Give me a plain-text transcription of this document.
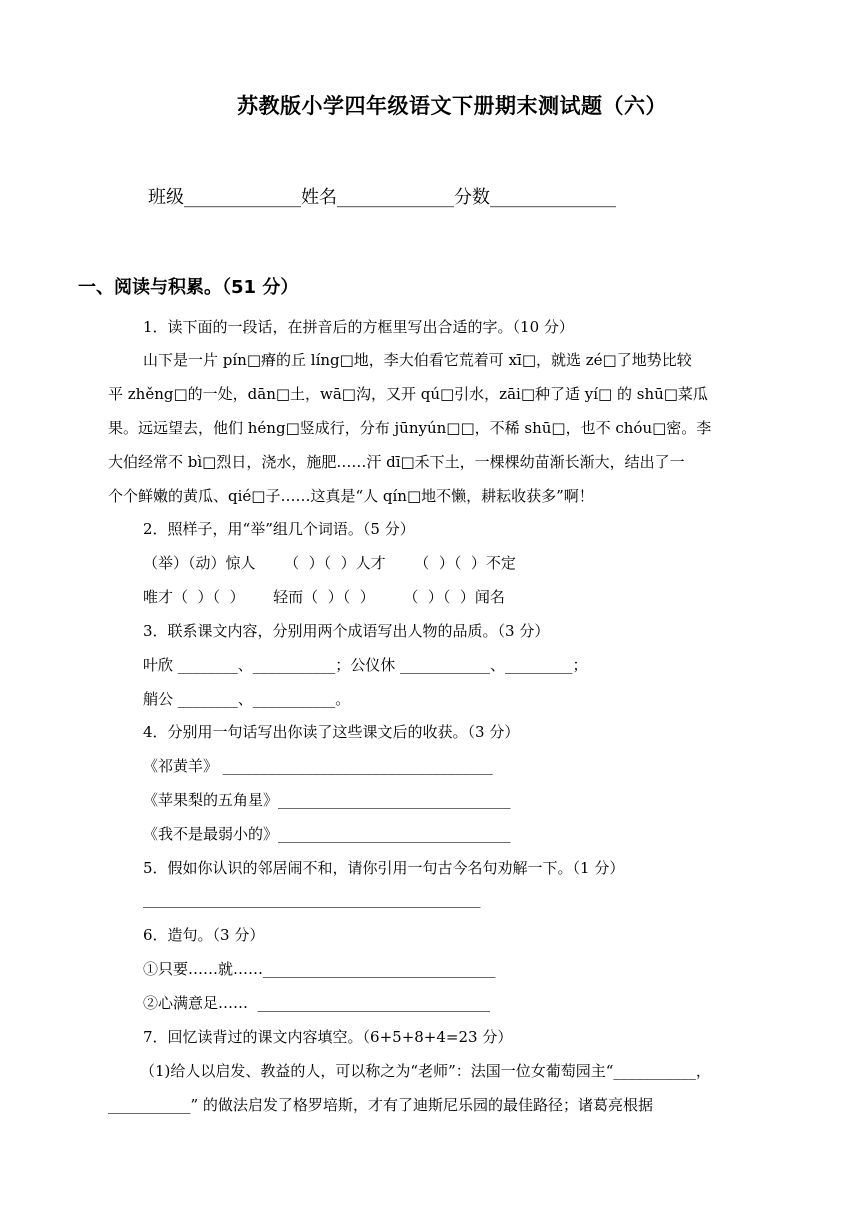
苏教版小学四年级语文下册期末测试题（六）
班级_____________姓名_____________分数______________
一、阅读与积累。（51 分）
1．读下面的一段话，在拼音后的方框里写出合适的字。（10 分）
山下是一片 pín□瘠的丘 líng□地，李大伯看它荒着可 xī□，就选 zé□了地势比较
平 zhěng□的一处，dān□土，wā□沟，又开 qú□引水，zāi□种了适 yí□ 的 shū□菜瓜
果。远远望去，他们 héng□竖成行，分布 jūnyún□□，不稀 shū□，也不 chóu□密。李
大伯经常不 bì□烈日，浇水，施肥……汗 dī□禾下土，一棵棵幼苗渐长渐大，结出了一
个个鲜嫩的黄瓜、qié□子……这真是“人 qín□地不懒，耕耘收获多”啊！
2．照样子，用“举”组几个词语。（5 分）
（举）（动）惊人      （  ）（  ）人才      （  ）（  ）不定
唯才（  ）（  ）      轻而（  ）（  ）      （  ）（  ）闻名
3．联系课文内容，分别用两个成语写出人物的品质。（3 分）
叶欣 ________、___________；公仪休 ____________、_________；
艄公 ________、___________。
4．分别用一句话写出你读了这些课文后的收获。（3 分）
《祁黄羊》 ____________________________________
《苹果梨的五角星》_______________________________
《我不是最弱小的》_______________________________
5．假如你认识的邻居闹不和，请你引用一句古今名句劝解一下。（1 分）
_____________________________________________
6．造句。（3 分）
①只要……就……_______________________________
②心满意足……  _______________________________
7．回忆读背过的课文内容填空。（6+5+8+4=23 分）
（1)给人以启发、教益的人，可以称之为“老师”：法国一位女葡萄园主“___________，
___________” 的做法启发了格罗培斯，才有了迪斯尼乐园的最佳路径；诸葛亮根据
